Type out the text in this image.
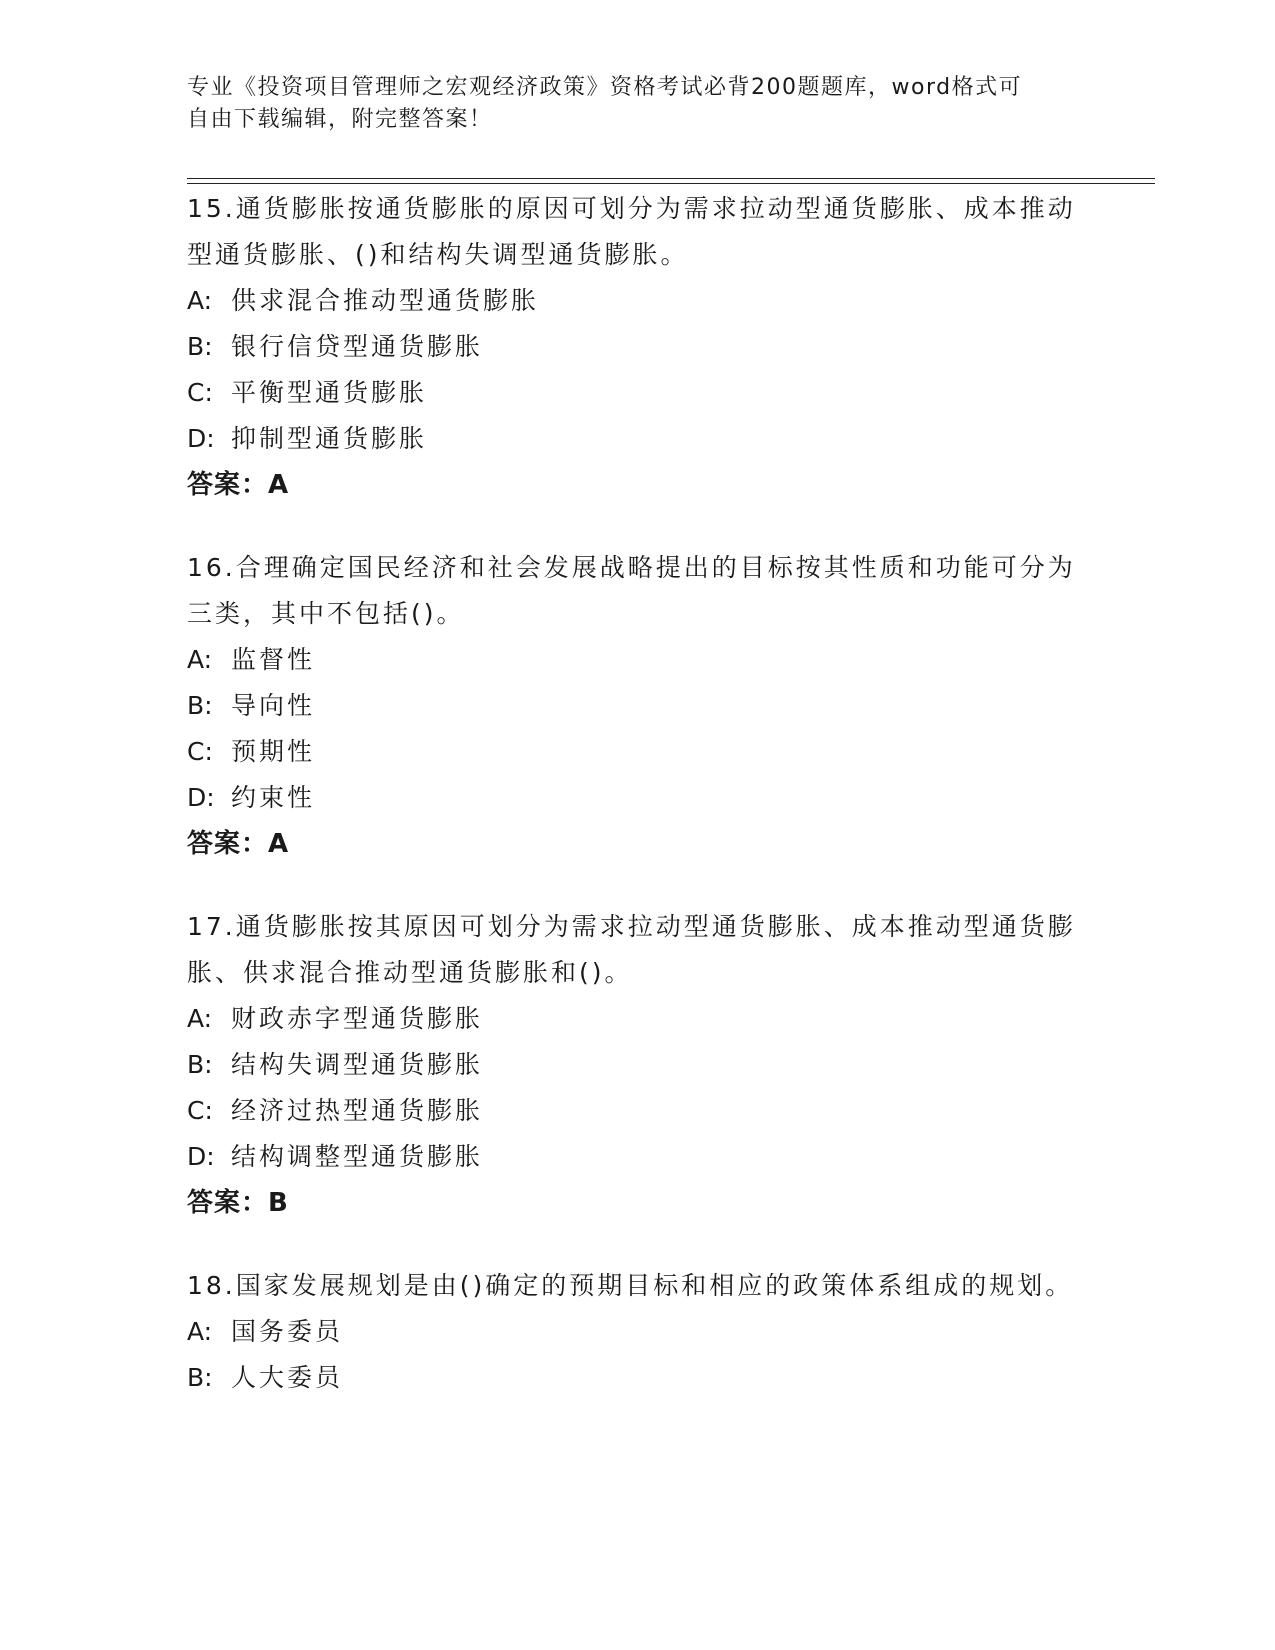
专业《投资项目管理师之宏观经济政策》资格考试必背200题题库，word格式可
自由下载编辑，附完整答案！

15.通货膨胀按通货膨胀的原因可划分为需求拉动型通货膨胀、成本推动型通货膨胀、()和结构失调型通货膨胀。

A: 供求混合推动型通货膨胀

B: 银行信贷型通货膨胀

C: 平衡型通货膨胀

D: 抑制型通货膨胀

答案：A

16.合理确定国民经济和社会发展战略提出的目标按其性质和功能可分为三类，其中不包括()。

A: 监督性

B: 导向性

C: 预期性

D: 约束性

答案：A

17.通货膨胀按其原因可划分为需求拉动型通货膨胀、成本推动型通货膨胀、供求混合推动型通货膨胀和()。

A: 财政赤字型通货膨胀

B: 结构失调型通货膨胀

C: 经济过热型通货膨胀

D: 结构调整型通货膨胀

答案：B

18.国家发展规划是由()确定的预期目标和相应的政策体系组成的规划。

A: 国务委员

B: 人大委员
